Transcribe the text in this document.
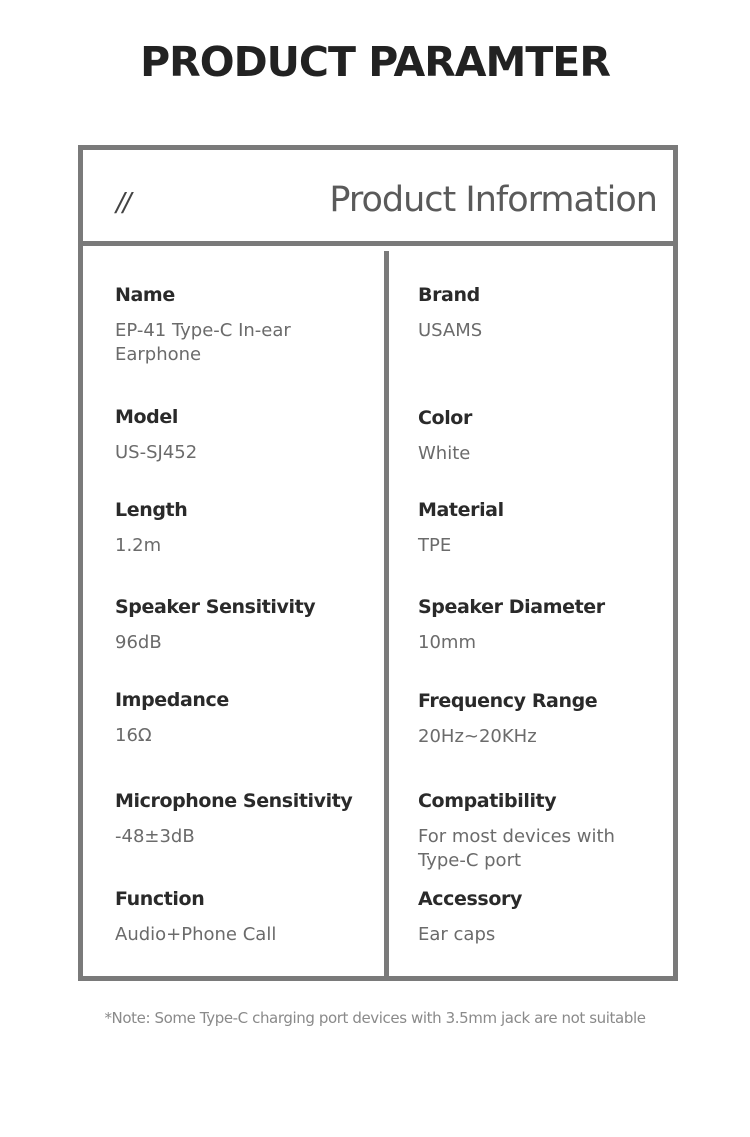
PRODUCT PARAMTER
//	Product Information
Name
EP-41 Type-C In-ear Earphone
Model
US-SJ452
Length
1.2m
Speaker Sensitivity
96dB
Impedance
16Ω
Microphone Sensitivity
-48±3dB
Function
Audio+Phone Call
Brand
USAMS
Color
White
Material
TPE
Speaker Diameter
10mm
Frequency Range
20Hz~20KHz
Compatibility
For most devices with Type-C port
Accessory
Ear caps
*Note: Some Type-C charging port devices with 3.5mm jack are not suitable
